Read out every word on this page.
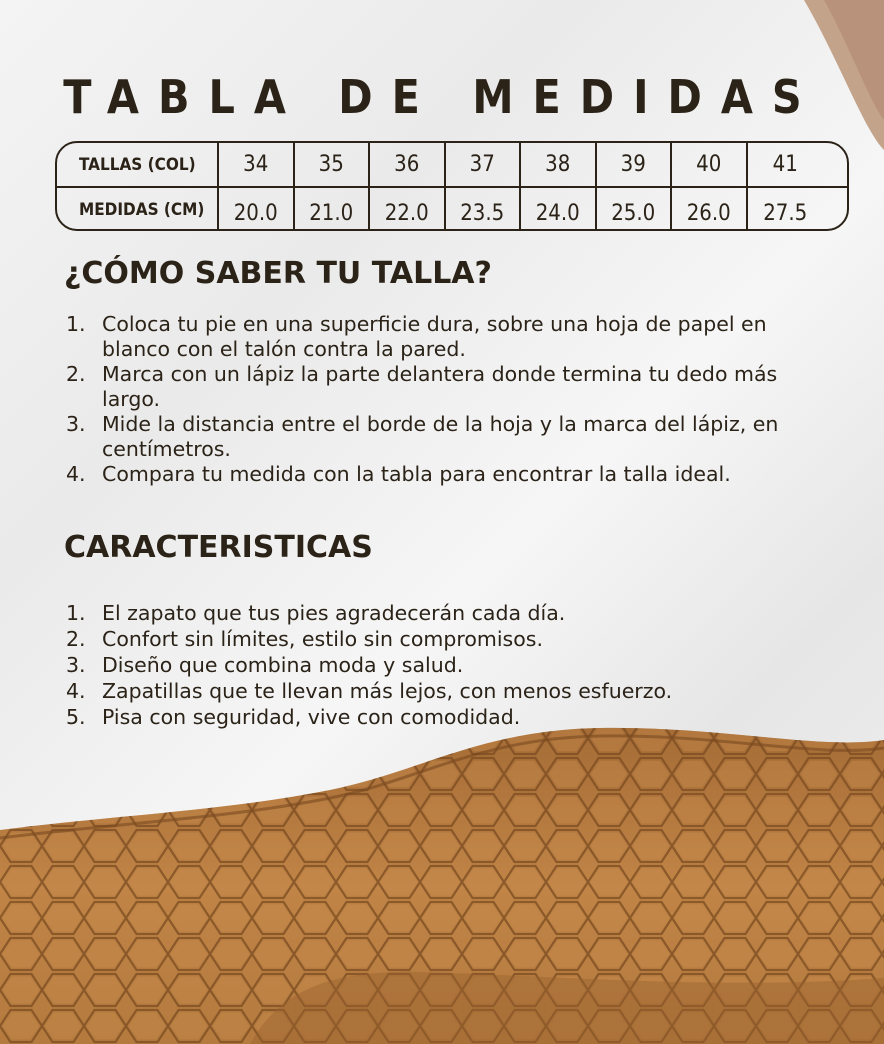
TABLA DE MEDIDAS
TALLAS (COL)	34	35	36	37	38	39	40	41
MEDIDAS (CM)	20.0	21.0	22.0	23.5	24.0	25.0	26.0	27.5
¿CÓMO SABER TU TALLA?
1. Coloca tu pie en una superficie dura, sobre una hoja de papel en blanco con el talón contra la pared.
2. Marca con un lápiz la parte delantera donde termina tu dedo más largo.
3. Mide la distancia entre el borde de la hoja y la marca del lápiz, en centímetros.
4. Compara tu medida con la tabla para encontrar la talla ideal.
CARACTERISTICAS
1. El zapato que tus pies agradecerán cada día.
2. Confort sin límites, estilo sin compromisos.
3. Diseño que combina moda y salud.
4. Zapatillas que te llevan más lejos, con menos esfuerzo.
5. Pisa con seguridad, vive con comodidad.
